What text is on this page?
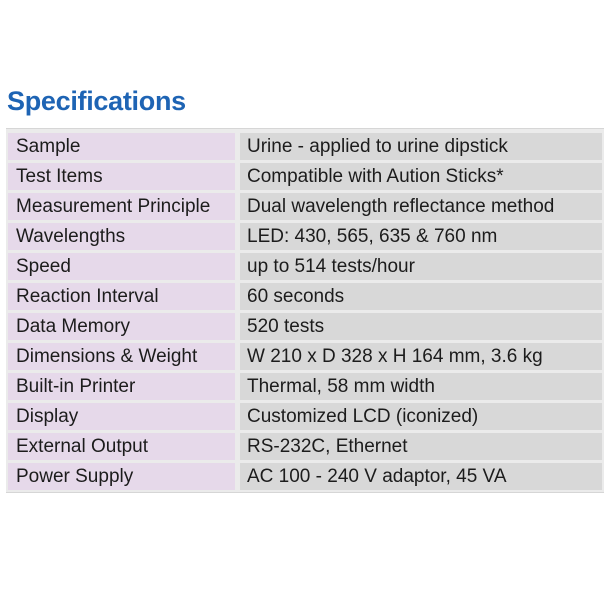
Specifications
Sample	Urine - applied to urine dipstick
Test Items	Compatible with Aution Sticks*
Measurement Principle	Dual wavelength reflectance method
Wavelengths	LED: 430, 565, 635 & 760 nm
Speed	up to 514 tests/hour
Reaction Interval	60 seconds
Data Memory	520 tests
Dimensions & Weight	W 210 x D 328 x H 164 mm, 3.6 kg
Built-in Printer	Thermal, 58 mm width
Display	Customized LCD (iconized)
External Output	RS-232C, Ethernet
Power Supply	AC 100 - 240 V adaptor, 45 VA
